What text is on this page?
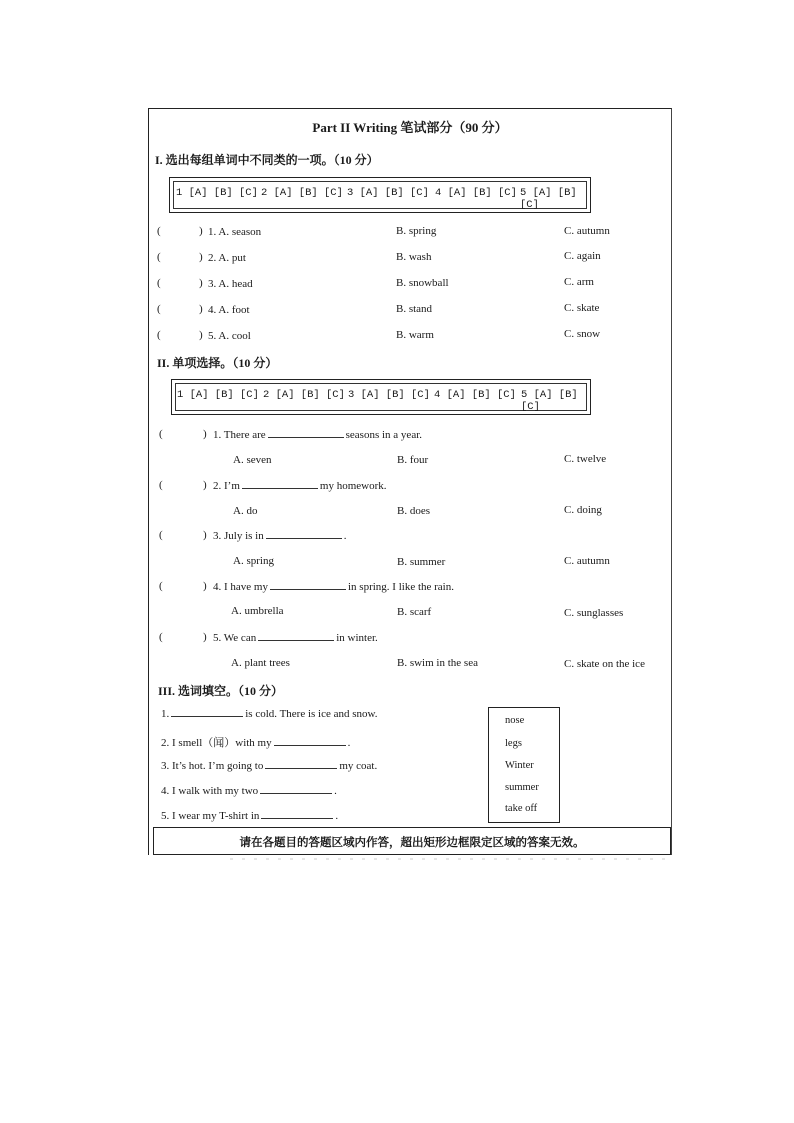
Part II Writing 笔试部分（90 分）
I. 选出每组单词中不同类的一项。（10 分）
1 [A] [B] [C] 2 [A] [B] [C] 3 [A] [B] [C] 4 [A] [B] [C] 5 [A] [B] [C]
(	) 1. A. season	B. spring	C. autumn
(	) 2. A. put	B. wash	C. again
(	) 3. A. head	B. snowball	C. arm
(	) 4. A. foot	B. stand	C. skate
(	) 5. A. cool	B. warm	C. snow
II. 单项选择。（10 分）
1 [A] [B] [C] 2 [A] [B] [C] 3 [A] [B] [C] 4 [A] [B] [C] 5 [A] [B] [C]
(	) 1. There are	seasons in a year.
A. seven	B. four	C. twelve
(	) 2. I’m	my homework.
A. do	B. does	C. doing
(	) 3. July is in	.
A. spring	B. summer	C. autumn
(	) 4. I have my	in spring. I like the rain.
A. umbrella	B. scarf	C. sunglasses
(	) 5. We can	in winter.
A. plant trees	B. swim in the sea	C. skate on the ice
III. 选词填空。（10 分）
1.	is cold. There is ice and snow.
2. I smell（闻）with my	.
3. It’s hot. I’m going to	my coat.
4. I walk with my two	.
5. I wear my T-shirt in	.
nose
legs
Winter
summer
take off
请在各题目的答题区域内作答，超出矩形边框限定区域的答案无效。
